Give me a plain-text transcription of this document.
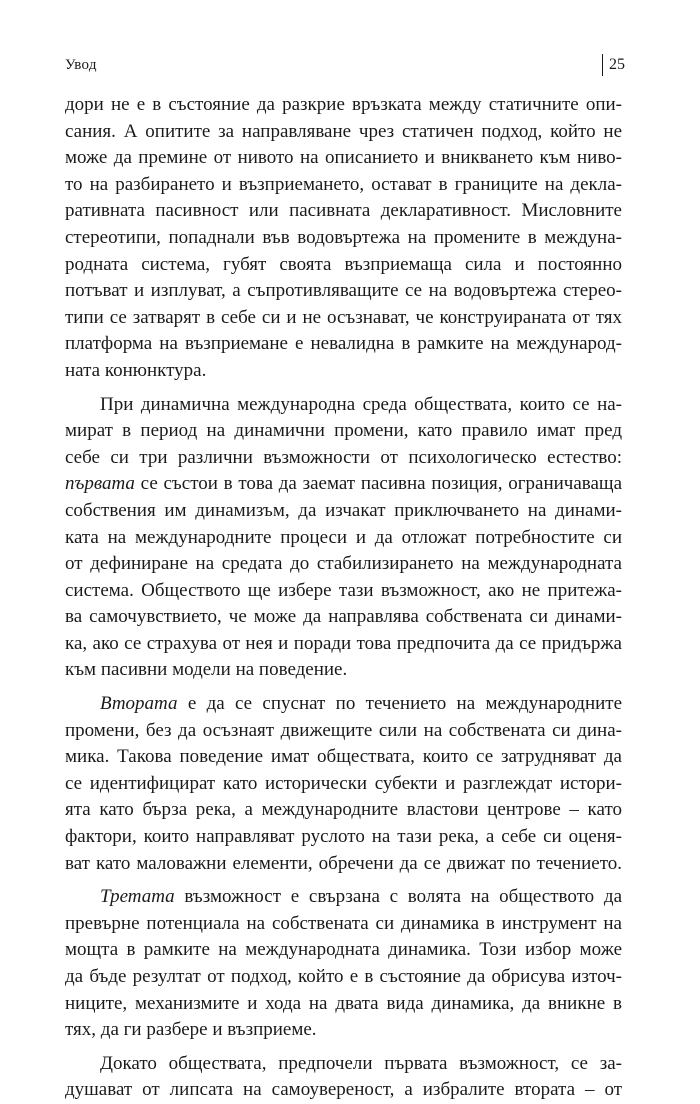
Увод	25
дори не е в състояние да разкрие връзката между статичните опи-
сания. А опитите за направляване чрез статичен подход, който не
може да премине от нивото на описанието и вникването към ниво-
то на разбирането и възприемането, остават в границите на декла-
ративната пасивност или пасивната декларативност. Мисловните
стереотипи, попаднали във водовъртежа на промените в междуна-
родната система, губят своята възприемаща сила и постоянно
потъват и изплуват, а съпротивляващите се на водовъртежа стерео-
типи се затварят в себе си и не осъзнават, че конструираната от тях
платформа на възприемане е невалидна в рамките на международ-
ната конюнктура.
При динамична международна среда обществата, които се на-
мират в период на динамични промени, като правило имат пред
себе си три различни възможности от психологическо естество:
първата се състои в това да заемат пасивна позиция, ограничаваща
собствения им динамизъм, да изчакат приключването на динами-
ката на международните процеси и да отложат потребностите си
от дефиниране на средата до стабилизирането на международната
система. Обществото ще избере тази възможност, ако не притежа-
ва самочувствието, че може да направлява собствената си динами-
ка, ако се страхува от нея и поради това предпочита да се придържа
към пасивни модели на поведение.
Втората е да се спуснат по течението на международните
промени, без да осъзнаят движещите сили на собствената си дина-
мика. Такова поведение имат обществата, които се затрудняват да
се идентифицират като исторически субекти и разглеждат истори-
ята като бърза река, а международните властови центрове – като
фактори, които направляват руслото на тази река, а себе си оценя-
ват като маловажни елементи, обречени да се движат по течението.
Третата възможност е свързана с волята на обществото да
превърне потенциала на собствената си динамика в инструмент на
мощта в рамките на международната динамика. Този избор може
да бъде резултат от подход, който е в състояние да обрисува източ-
ниците, механизмите и хода на двата вида динамика, да вникне в
тях, да ги разбере и възприеме.
Докато обществата, предпочели първата възможност, се за-
душават от липсата на самоувереност, а избралите втората – от
